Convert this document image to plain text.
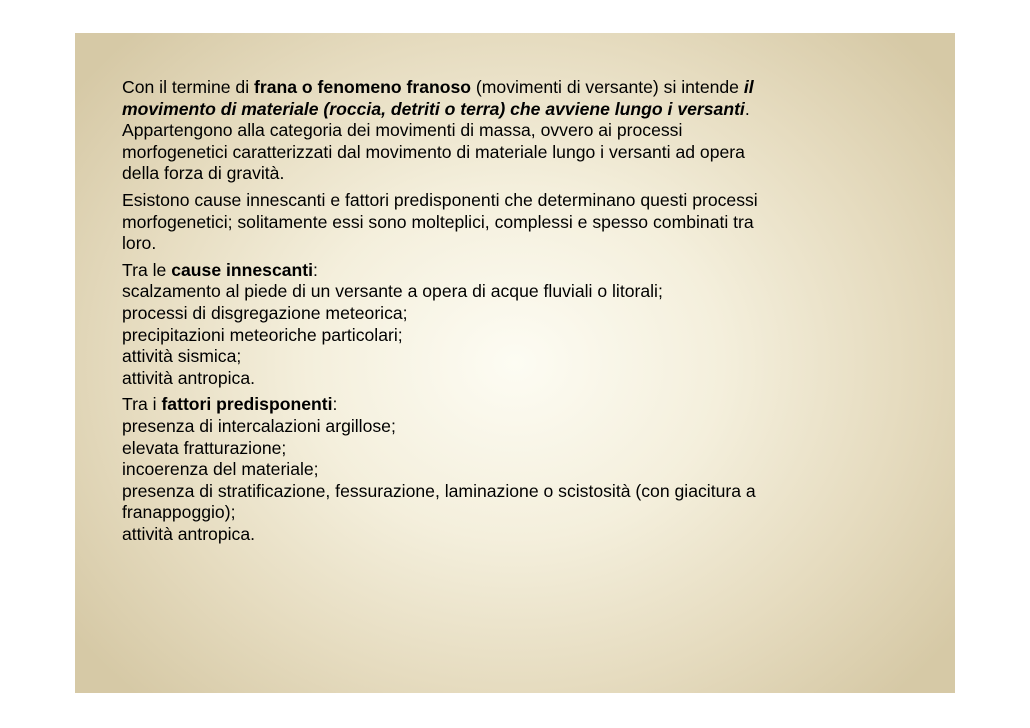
Con il termine di frana o fenomeno franoso (movimenti di versante) si intende il
movimento di materiale (roccia, detriti o terra) che avviene lungo i versanti.
Appartengono alla categoria dei movimenti di massa, ovvero ai processi
morfogenetici caratterizzati dal movimento di materiale lungo i versanti ad opera
della forza di gravità.
Esistono cause innescanti e fattori predisponenti che determinano questi processi
morfogenetici; solitamente essi sono molteplici, complessi e spesso combinati tra
loro.
Tra le cause innescanti:
scalzamento al piede di un versante a opera di acque fluviali o litorali;
processi di disgregazione meteorica;
precipitazioni meteoriche particolari;
attività sismica;
attività antropica.
Tra i fattori predisponenti:
presenza di intercalazioni argillose;
elevata fratturazione;
incoerenza del materiale;
presenza di stratificazione, fessurazione, laminazione o scistosità (con giacitura a
franappoggio);
attività antropica.
